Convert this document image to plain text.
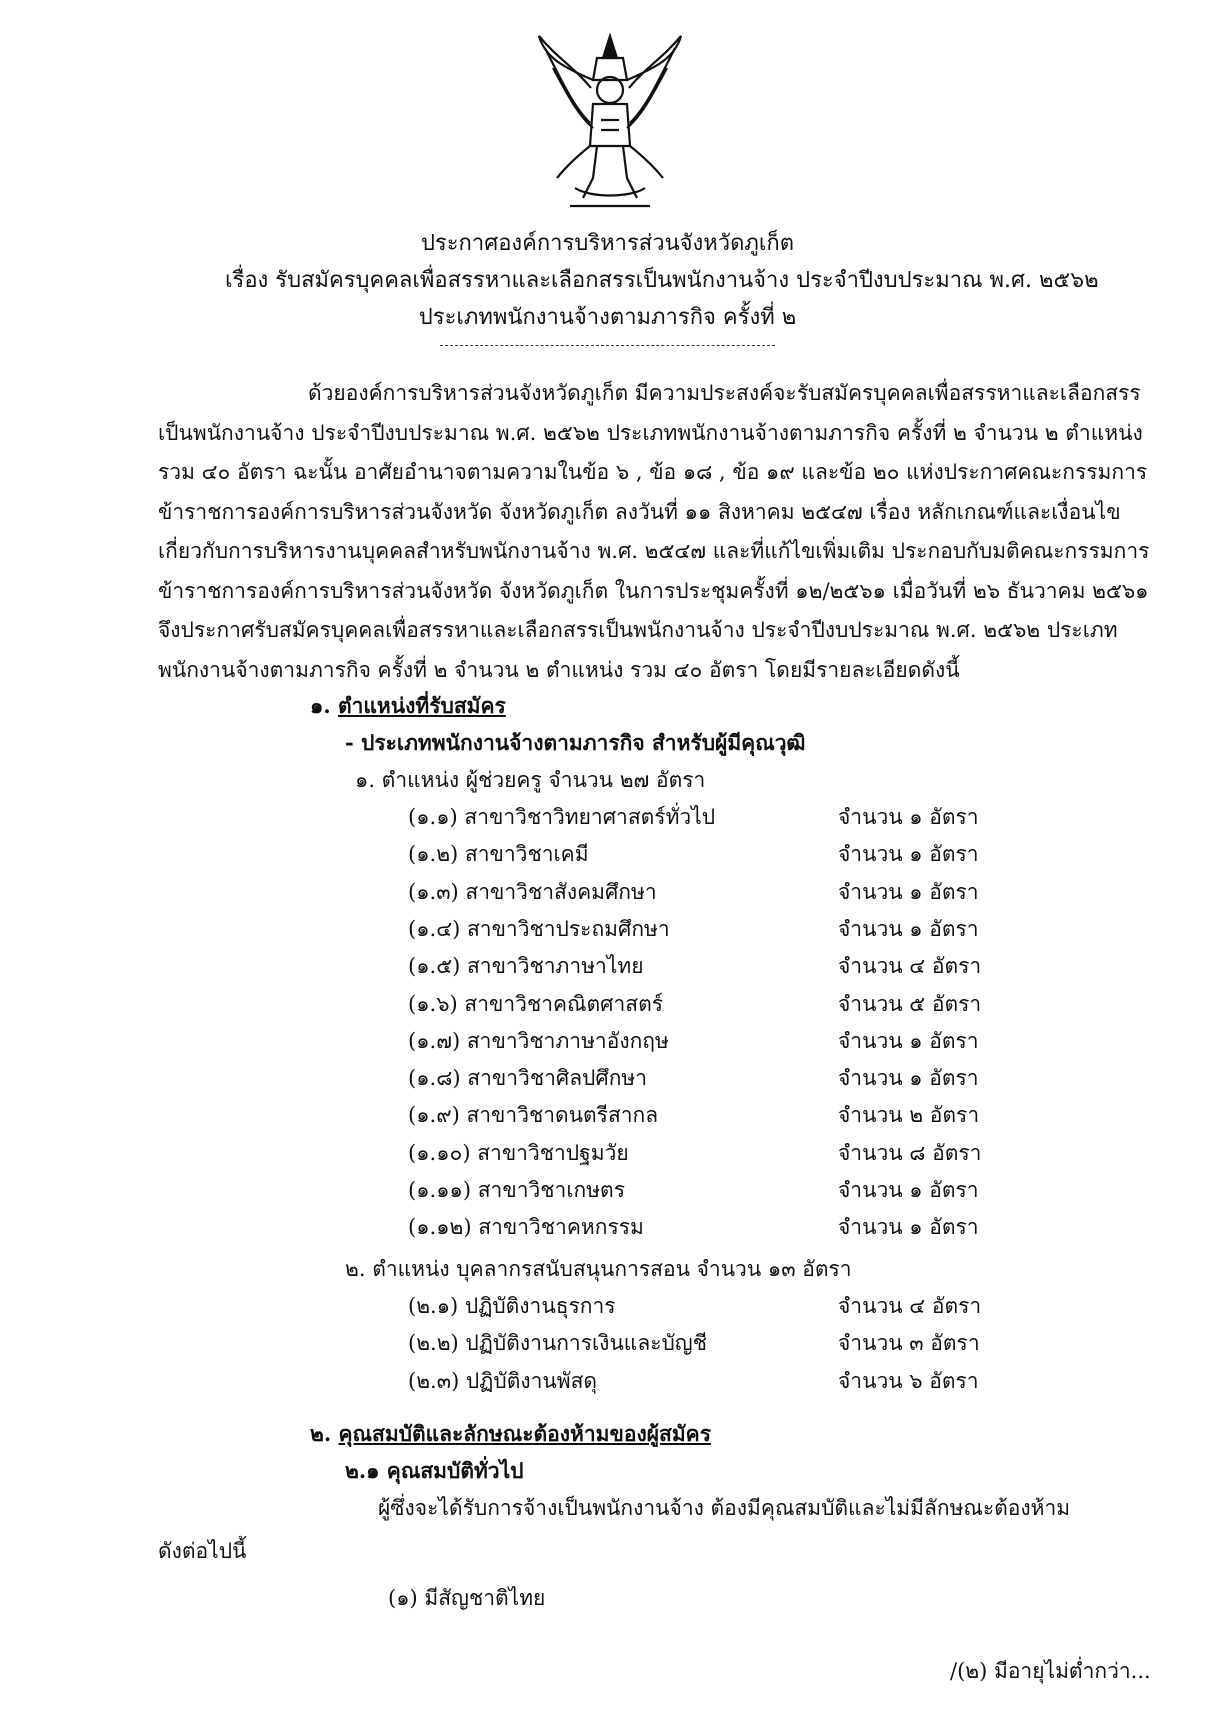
ประกาศองค์การบริหารส่วนจังหวัดภูเก็ต
เรื่อง รับสมัครบุคคลเพื่อสรรหาและเลือกสรรเป็นพนักงานจ้าง ประจำปีงบประมาณ พ.ศ. ๒๕๖๒
ประเภทพนักงานจ้างตามภารกิจ ครั้งที่ ๒
ด้วยองค์การบริหารส่วนจังหวัดภูเก็ต มีความประสงค์จะรับสมัครบุคคลเพื่อสรรหาและเลือกสรร
เป็นพนักงานจ้าง ประจำปีงบประมาณ พ.ศ. ๒๕๖๒ ประเภทพนักงานจ้างตามภารกิจ ครั้งที่ ๒ จำนวน ๒ ตำแหน่ง
รวม ๔๐ อัตรา ฉะนั้น อาศัยอำนาจตามความในข้อ ๖ , ข้อ ๑๘ , ข้อ ๑๙ และข้อ ๒๐ แห่งประกาศคณะกรรมการ
ข้าราชการองค์การบริหารส่วนจังหวัด จังหวัดภูเก็ต ลงวันที่ ๑๑ สิงหาคม ๒๕๔๗ เรื่อง หลักเกณฑ์และเงื่อนไข
เกี่ยวกับการบริหารงานบุคคลสำหรับพนักงานจ้าง พ.ศ. ๒๕๔๗ และที่แก้ไขเพิ่มเติม ประกอบกับมติคณะกรรมการ
ข้าราชการองค์การบริหารส่วนจังหวัด จังหวัดภูเก็ต ในการประชุมครั้งที่ ๑๒/๒๕๖๑ เมื่อวันที่ ๒๖ ธันวาคม ๒๕๖๑
จึงประกาศรับสมัครบุคคลเพื่อสรรหาและเลือกสรรเป็นพนักงานจ้าง ประจำปีงบประมาณ พ.ศ. ๒๕๖๒ ประเภท
พนักงานจ้างตามภารกิจ ครั้งที่ ๒ จำนวน ๒ ตำแหน่ง รวม ๔๐ อัตรา โดยมีรายละเอียดดังนี้
๑. ตำแหน่งที่รับสมัคร
- ประเภทพนักงานจ้างตามภารกิจ สำหรับผู้มีคุณวุฒิ
๑. ตำแหน่ง ผู้ช่วยครู จำนวน ๒๗ อัตรา
(๑.๑) สาขาวิชาวิทยาศาสตร์ทั่วไป	จำนวน ๑ อัตรา
(๑.๒) สาขาวิชาเคมี	จำนวน ๑ อัตรา
(๑.๓) สาขาวิชาสังคมศึกษา	จำนวน ๑ อัตรา
(๑.๔) สาขาวิชาประถมศึกษา	จำนวน ๑ อัตรา
(๑.๕) สาขาวิชาภาษาไทย	จำนวน ๔ อัตรา
(๑.๖) สาขาวิชาคณิตศาสตร์	จำนวน ๕ อัตรา
(๑.๗) สาขาวิชาภาษาอังกฤษ	จำนวน ๑ อัตรา
(๑.๘) สาขาวิชาศิลปศึกษา	จำนวน ๑ อัตรา
(๑.๙) สาขาวิชาดนตรีสากล	จำนวน ๒ อัตรา
(๑.๑๐) สาขาวิชาปฐมวัย	จำนวน ๘ อัตรา
(๑.๑๑) สาขาวิชาเกษตร	จำนวน ๑ อัตรา
(๑.๑๒) สาขาวิชาคหกรรม	จำนวน ๑ อัตรา
๒. ตำแหน่ง บุคลากรสนับสนุนการสอน จำนวน ๑๓ อัตรา
(๒.๑) ปฏิบัติงานธุรการ	จำนวน ๔ อัตรา
(๒.๒) ปฏิบัติงานการเงินและบัญชี	จำนวน ๓ อัตรา
(๒.๓) ปฏิบัติงานพัสดุ	จำนวน ๖ อัตรา
๒. คุณสมบัติและลักษณะต้องห้ามของผู้สมัคร
๒.๑ คุณสมบัติทั่วไป
ผู้ซึ่งจะได้รับการจ้างเป็นพนักงานจ้าง ต้องมีคุณสมบัติและไม่มีลักษณะต้องห้าม
ดังต่อไปนี้
(๑) มีสัญชาติไทย
/(๒) มีอายุไม่ต่ำกว่า...
